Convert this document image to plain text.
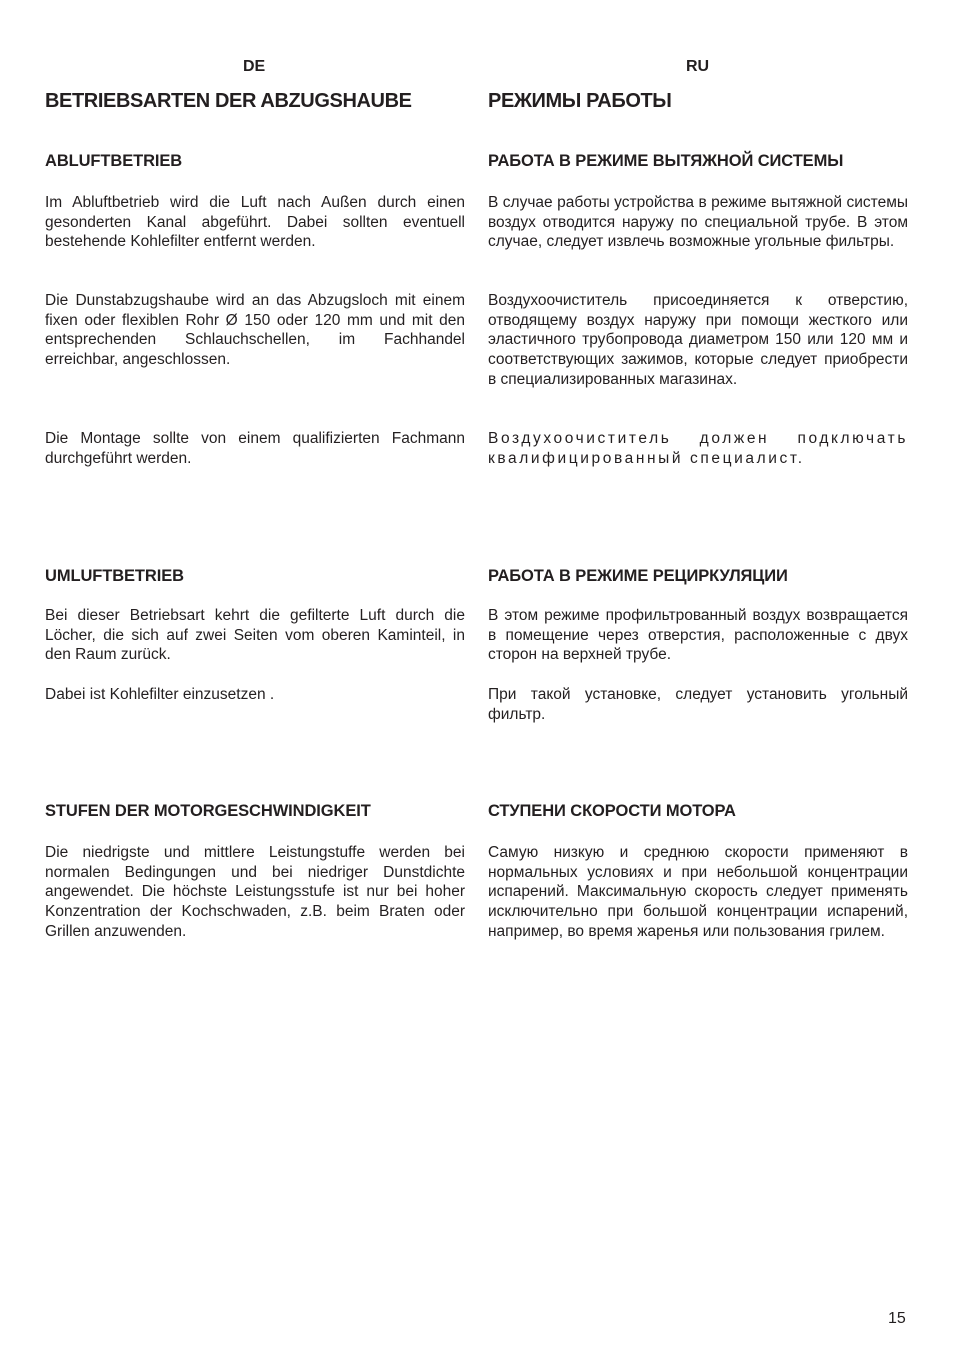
DE	RU
BETRIEBSARTEN DER ABZUGSHAUBE
ABLUFTBETRIEB

Im Abluftbetrieb wird die Luft nach Außen durch einen gesonderten Kanal abgeführt. Dabei sollten eventuell bestehende Kohlefilter entfernt werden.

Die Dunstabzugshaube wird an das Abzugsloch mit einem fixen oder flexiblen Rohr Ø 150 oder 120 mm und mit den entsprechenden Schlauchschellen, im Fachhandel erreichbar, angeschlossen.

Die Montage sollte von einem qualifizierten Fachmann durchgeführt werden.

UMLUFTBETRIEB

Bei dieser Betriebsart kehrt die gefilterte Luft durch die Löcher, die sich auf zwei Seiten vom oberen Kaminteil, in den Raum zurück.

Dabei ist Kohlefilter einzusetzen .

STUFEN DER MOTORGESCHWINDIGKEIT

Die niedrigste und mittlere Leistungstuffe werden bei normalen Bedingungen und bei niedriger Dunstdichte angewendet. Die höchste Leistungsstufe ist nur bei hoher Konzentration der Kochschwaden, z.B. beim Braten oder Grillen anzuwenden.

РЕЖИМЫ РАБОТЫ
РАБОТА В РЕЖИМЕ ВЫТЯЖНОЙ СИСТЕМЫ

В случае работы устройства в режиме вытяжной системы воздух отводится наружу по специальной трубе. В этом случае, следует извлечь возможные угольные фильтры.

Воздухоочиститель присоединяется к отверстию, отводящему воздух наружу при помощи жесткого или эластичного трубопровода диаметром 150 или 120 мм и соответствующих зажимов, которые следует приобрести в специализированных магазинах.

Воздухоочиститель должен подключать квалифицированный специалист.

РАБОТА В РЕЖИМЕ РЕЦИРКУЛЯЦИИ

В этом режиме профильтрованный воздух возвращается в помещение через отверстия, расположенные с двух сторон на верхней трубе.

При такой установке, следует установить угольный фильтр.

СТУПЕНИ СКОРОСТИ МОТОРА

Самую низкую и среднюю скорости применяют в нормальных условиях и при небольшой концентрации испарений. Максимальную скорость следует применять исключительно при большой концентрации испарений, например, во время жаренья или пользования грилем.

15
